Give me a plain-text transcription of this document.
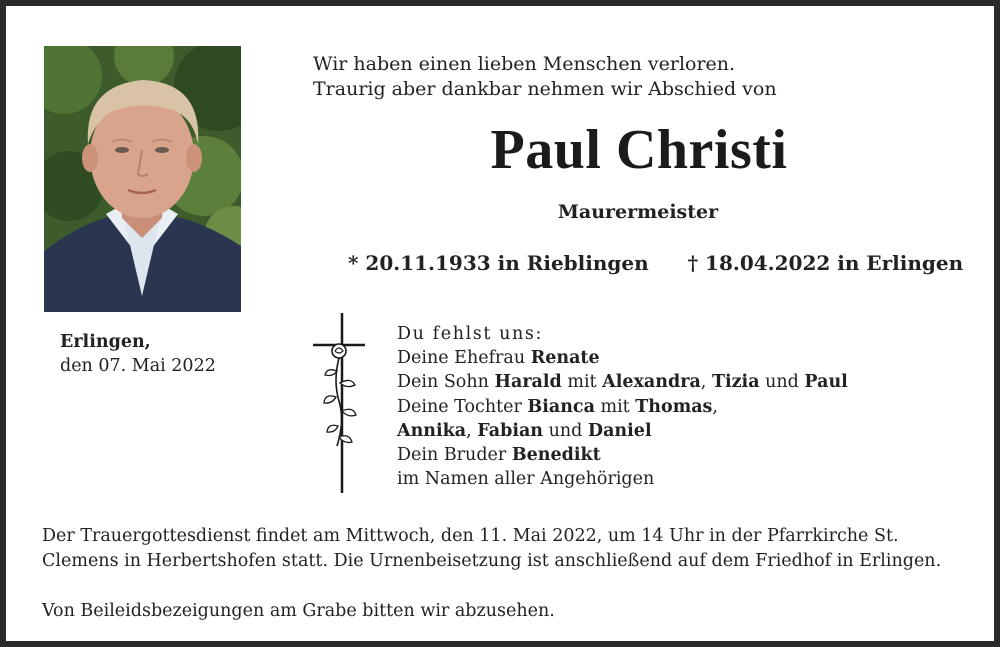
Wir haben einen lieben Menschen verloren.
Traurig aber dankbar nehmen wir Abschied von
Paul Christi
Maurermeister
* 20.11.1933 in Rieblingen † 18.04.2022 in Erlingen
Erlingen,
den 07. Mai 2022
Du fehlst uns:
Deine Ehefrau Renate
Dein Sohn Harald mit Alexandra, Tizia und Paul
Deine Tochter Bianca mit Thomas,
Annika, Fabian und Daniel
Dein Bruder Benedikt
im Namen aller Angehörigen
Der Trauergottesdienst findet am Mittwoch, den 11. Mai 2022, um 14 Uhr in der Pfarrkirche St. Clemens in Herbertshofen statt. Die Urnenbeisetzung ist anschließend auf dem Friedhof in Erlingen.
Von Beileidsbezeigungen am Grabe bitten wir abzusehen.
